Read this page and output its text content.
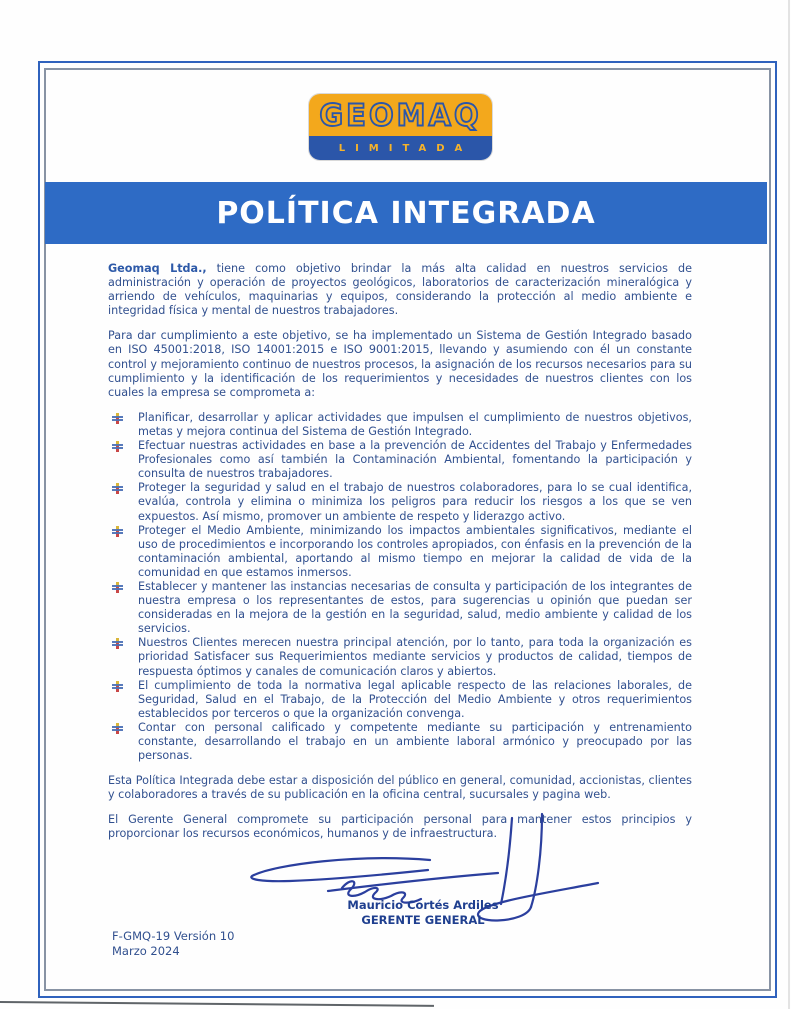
GEOMAQ
LIMITADA
POLÍTICA INTEGRADA

Geomaq Ltda., tiene como objetivo brindar la más alta calidad en nuestros servicios de administración y operación de proyectos geológicos, laboratorios de caracterización mineralógica y arriendo de vehículos, maquinarias y equipos, considerando la protección al medio ambiente e integridad física y mental de nuestros trabajadores.

Para dar cumplimiento a este objetivo, se ha implementado un Sistema de Gestión Integrado basado en ISO 45001:2018, ISO 14001:2015 e ISO 9001:2015, llevando y asumiendo con él un constante control y mejoramiento continuo de nuestros procesos, la asignación de los recursos necesarios para su cumplimiento y la identificación de los requerimientos y necesidades de nuestros clientes con los cuales la empresa se comprometa a:

Planificar, desarrollar y aplicar actividades que impulsen el cumplimiento de nuestros objetivos, metas y mejora continua del Sistema de Gestión Integrado.
Efectuar nuestras actividades en base a la prevención de Accidentes del Trabajo y Enfermedades Profesionales como así también la Contaminación Ambiental, fomentando la participación y consulta de nuestros trabajadores.
Proteger la seguridad y salud en el trabajo de nuestros colaboradores, para lo se cual identifica, evalúa, controla y elimina o minimiza los peligros para reducir los riesgos a los que se ven expuestos. Así mismo, promover un ambiente de respeto y liderazgo activo.
Proteger el Medio Ambiente, minimizando los impactos ambientales significativos, mediante el uso de procedimientos e incorporando los controles apropiados, con énfasis en la prevención de la contaminación ambiental, aportando al mismo tiempo en mejorar la calidad de vida de la comunidad en que estamos inmersos.
Establecer y mantener las instancias necesarias de consulta y participación de los integrantes de nuestra empresa o los representantes de estos, para sugerencias u opinión que puedan ser consideradas en la mejora de la gestión en la seguridad, salud, medio ambiente y calidad de los servicios.
Nuestros Clientes merecen nuestra principal atención, por lo tanto, para toda la organización es prioridad Satisfacer sus Requerimientos mediante servicios y productos de calidad, tiempos de respuesta óptimos y canales de comunicación claros y abiertos.
El cumplimiento de toda la normativa legal aplicable respecto de las relaciones laborales, de Seguridad, Salud en el Trabajo, de la Protección del Medio Ambiente y otros requerimientos establecidos por terceros o que la organización convenga.
Contar con personal calificado y competente mediante su participación y entrenamiento constante, desarrollando el trabajo en un ambiente laboral armónico y preocupado por las personas.

Esta Política Integrada debe estar a disposición del público en general, comunidad, accionistas, clientes y colaboradores a través de su publicación en la oficina central, sucursales y pagina web.

El Gerente General compromete su participación personal para mantener estos principios y proporcionar los recursos económicos, humanos y de infraestructura.

Mauricio Cortés Ardiles
GERENTE GENERAL
F-GMQ-19 Versión 10
Marzo 2024
